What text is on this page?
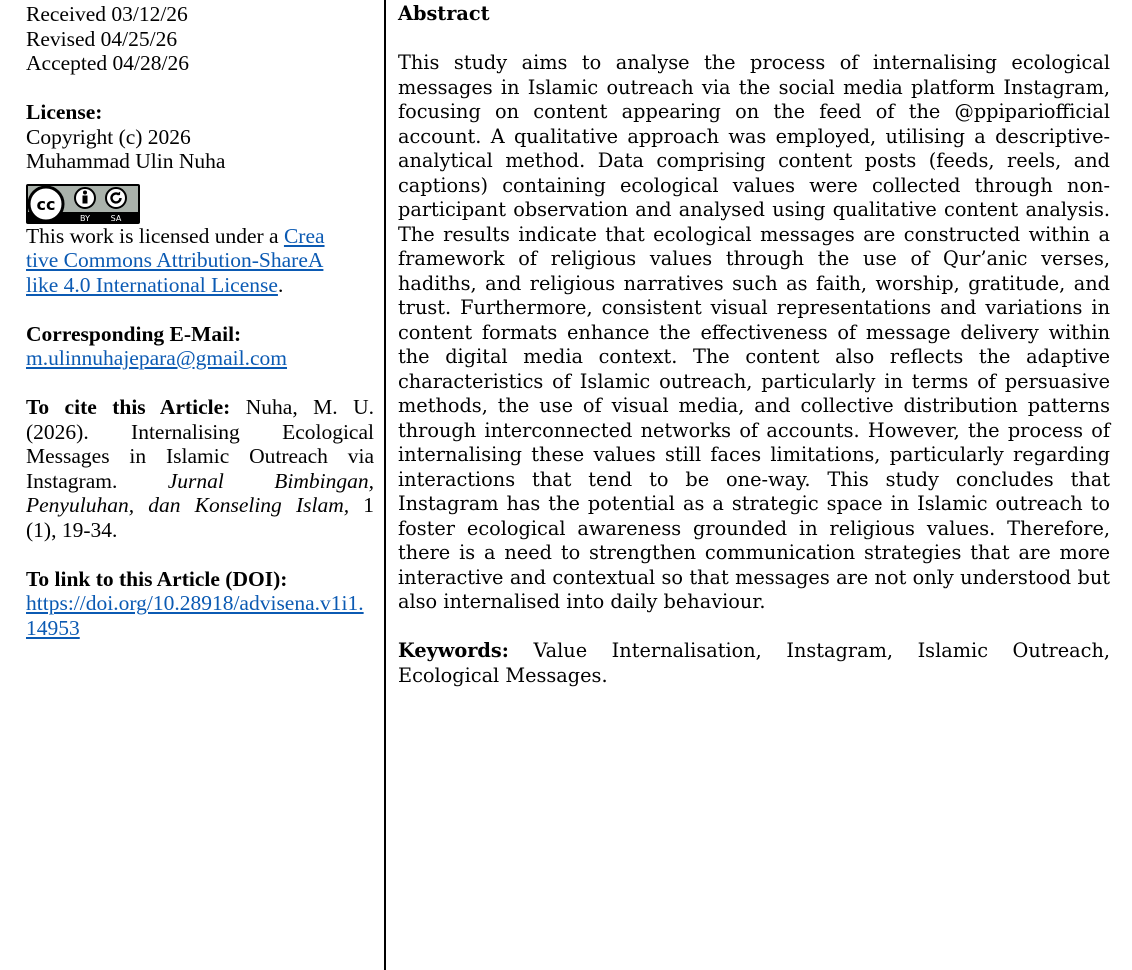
Received 03/12/26

Revised 04/25/26

Accepted 04/28/26

License:

Copyright (c) 2026 Muhammad Ulin Nuha

cc
BY	SA

This work is licensed under a Creative Commons Attribution-ShareAlike 4.0 International License.

Corresponding E-Mail:

m.ulinnuhajepara@gmail.com

To cite this Article: Nuha, M. U. (2026). Internalising Ecological Messages in Islamic Outreach via Instagram. Jurnal Bimbingan, Penyuluhan, dan Konseling Islam, 1 (1), 19-34.

To link to this Article (DOI):

https://doi.org/10.28918/advisena.v1i1.14953

Abstract

This study aims to analyse the process of internalising ecological messages in Islamic outreach via the social media platform Instagram, focusing on content appearing on the feed of the @ppipariofficial account. A qualitative approach was employed, utilising a descriptive-analytical method. Data comprising content posts (feeds, reels, and captions) containing ecological values were collected through non-participant observation and analysed using qualitative content analysis. The results indicate that ecological messages are constructed within a framework of religious values through the use of Qur’anic verses, hadiths, and religious narratives such as faith, worship, gratitude, and trust. Furthermore, consistent visual representations and variations in content formats enhance the effectiveness of message delivery within the digital media context. The content also reflects the adaptive characteristics of Islamic outreach, particularly in terms of persuasive methods, the use of visual media, and collective distribution patterns through interconnected networks of accounts. However, the process of internalising these values still faces limitations, particularly regarding interactions that tend to be one-way. This study concludes that Instagram has the potential as a strategic space in Islamic outreach to foster ecological awareness grounded in religious values. Therefore, there is a need to strengthen communication strategies that are more interactive and contextual so that messages are not only understood but also internalised into daily behaviour.

Keywords: Value Internalisation, Instagram, Islamic Outreach, Ecological Messages.
